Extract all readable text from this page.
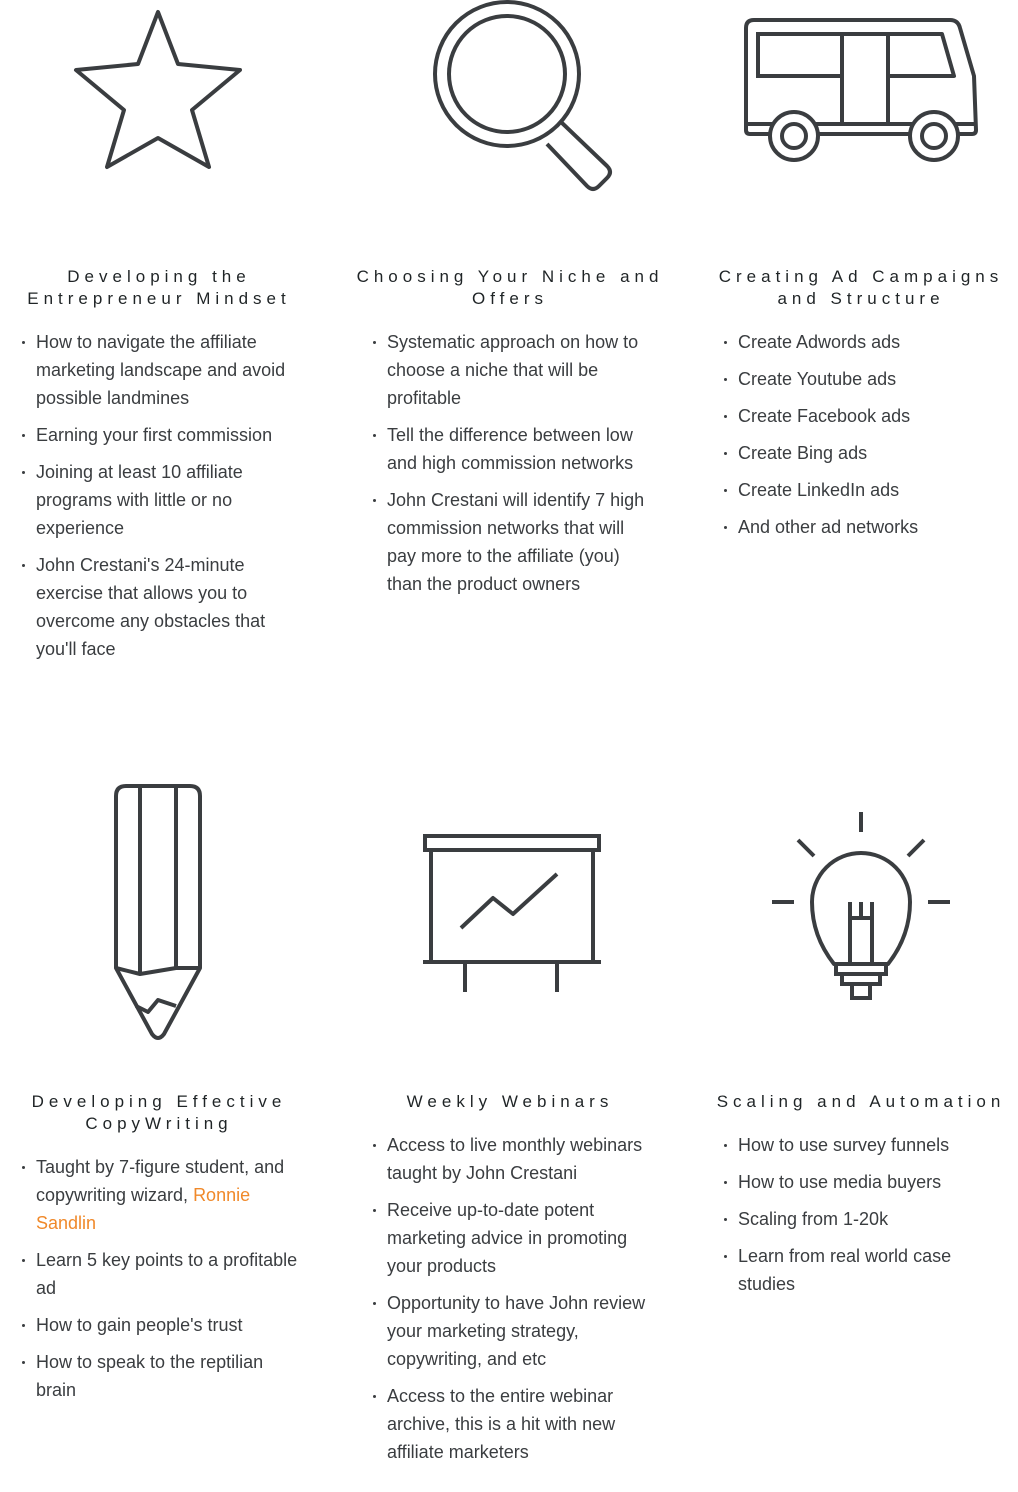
Developing the Entrepreneur Mindset
How to navigate the affiliate marketing landscape and avoid possible landmines
Earning your first commission
Joining at least 10 affiliate programs with little or no experience
John Crestani's 24-minute exercise that allows you to overcome any obstacles that you'll face
Choosing Your Niche and Offers
Systematic approach on how to choose a niche that will be profitable
Tell the difference between low and high commission networks
John Crestani will identify 7 high commission networks that will pay more to the affiliate (you) than the product owners
Creating Ad Campaigns and Structure
Create Adwords ads
Create Youtube ads
Create Facebook ads
Create Bing ads
Create LinkedIn ads
And other ad networks
Developing Effective CopyWriting
Taught by 7-figure student, and copywriting wizard, Ronnie Sandlin
Learn 5 key points to a profitable ad
How to gain people's trust
How to speak to the reptilian brain
Weekly Webinars
Access to live monthly webinars taught by John Crestani
Receive up-to-date potent marketing advice in promoting your products
Opportunity to have John review your marketing strategy, copywriting, and etc
Access to the entire webinar archive, this is a hit with new affiliate marketers
Scaling and Automation
How to use survey funnels
How to use media buyers
Scaling from 1-20k
Learn from real world case studies
